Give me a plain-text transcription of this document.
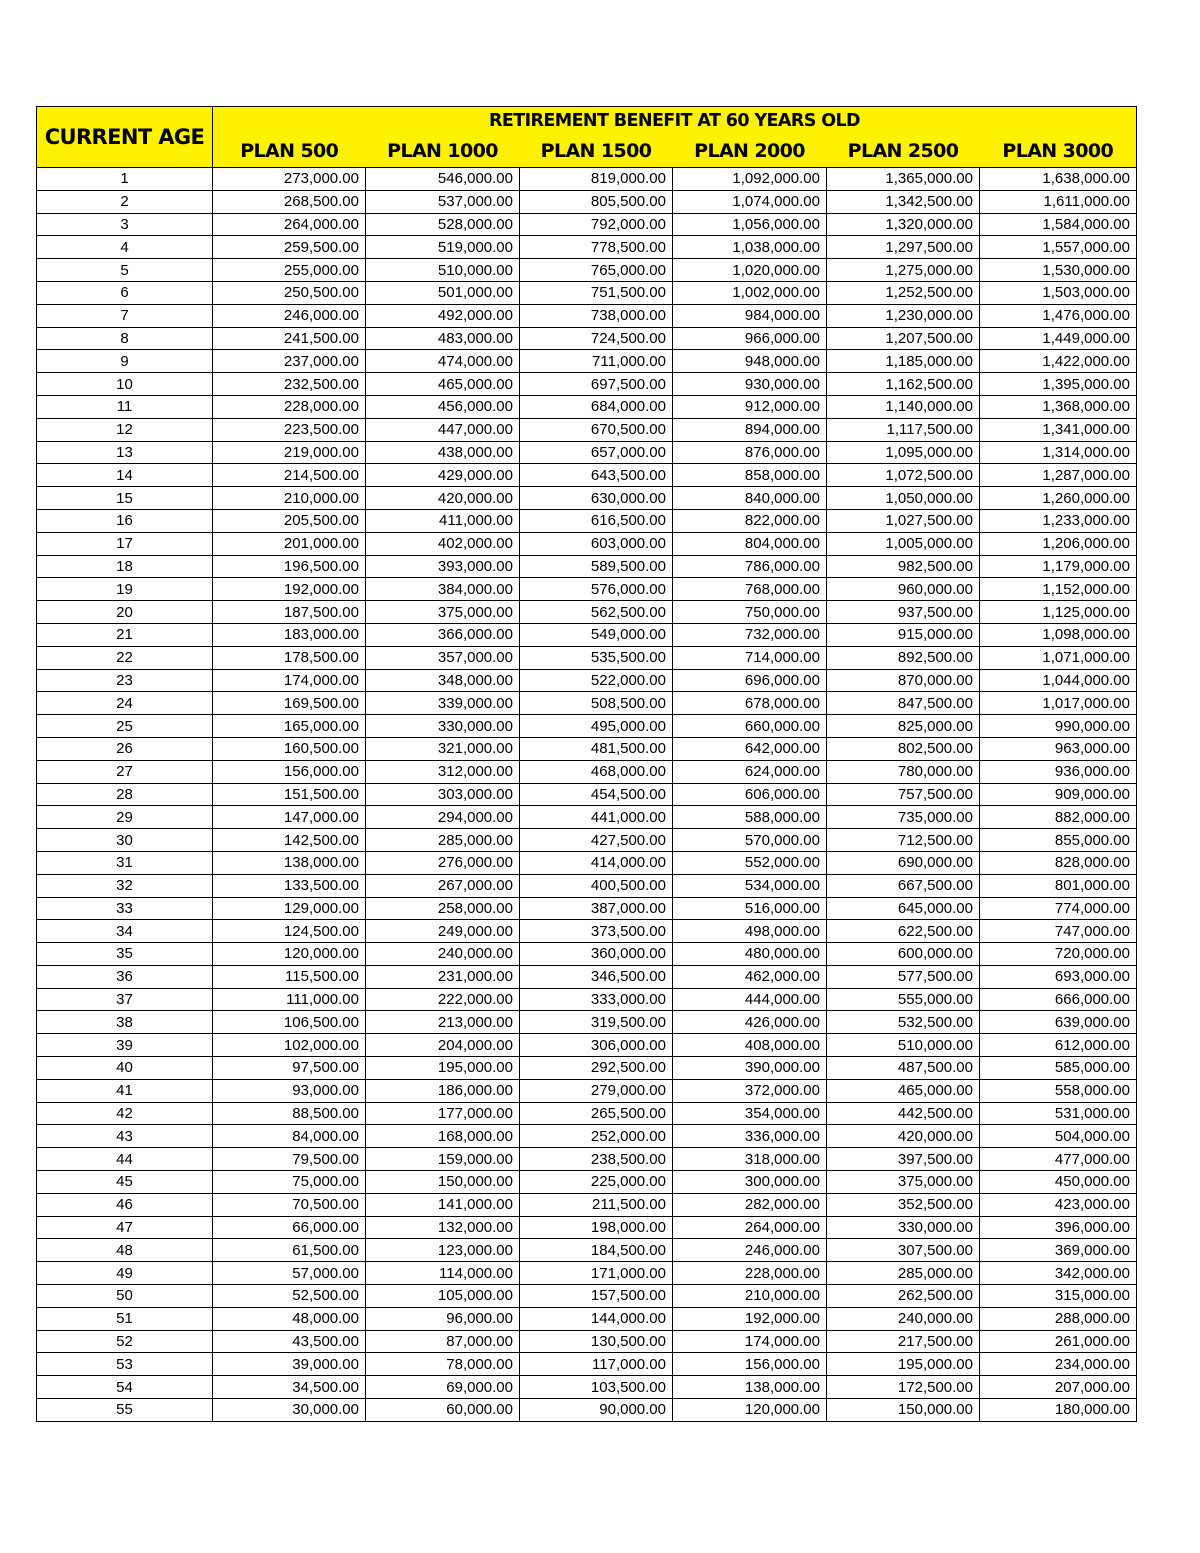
CURRENT AGE	RETIREMENT BENEFIT AT 60 YEARS OLD					
	PLAN 500	PLAN 1000	PLAN 1500	PLAN 2000	PLAN 2500	PLAN 3000
1	273,000.00	546,000.00	819,000.00	1,092,000.00	1,365,000.00	1,638,000.00
2	268,500.00	537,000.00	805,500.00	1,074,000.00	1,342,500.00	1,611,000.00
3	264,000.00	528,000.00	792,000.00	1,056,000.00	1,320,000.00	1,584,000.00
4	259,500.00	519,000.00	778,500.00	1,038,000.00	1,297,500.00	1,557,000.00
5	255,000.00	510,000.00	765,000.00	1,020,000.00	1,275,000.00	1,530,000.00
6	250,500.00	501,000.00	751,500.00	1,002,000.00	1,252,500.00	1,503,000.00
7	246,000.00	492,000.00	738,000.00	984,000.00	1,230,000.00	1,476,000.00
8	241,500.00	483,000.00	724,500.00	966,000.00	1,207,500.00	1,449,000.00
9	237,000.00	474,000.00	711,000.00	948,000.00	1,185,000.00	1,422,000.00
10	232,500.00	465,000.00	697,500.00	930,000.00	1,162,500.00	1,395,000.00
11	228,000.00	456,000.00	684,000.00	912,000.00	1,140,000.00	1,368,000.00
12	223,500.00	447,000.00	670,500.00	894,000.00	1,117,500.00	1,341,000.00
13	219,000.00	438,000.00	657,000.00	876,000.00	1,095,000.00	1,314,000.00
14	214,500.00	429,000.00	643,500.00	858,000.00	1,072,500.00	1,287,000.00
15	210,000.00	420,000.00	630,000.00	840,000.00	1,050,000.00	1,260,000.00
16	205,500.00	411,000.00	616,500.00	822,000.00	1,027,500.00	1,233,000.00
17	201,000.00	402,000.00	603,000.00	804,000.00	1,005,000.00	1,206,000.00
18	196,500.00	393,000.00	589,500.00	786,000.00	982,500.00	1,179,000.00
19	192,000.00	384,000.00	576,000.00	768,000.00	960,000.00	1,152,000.00
20	187,500.00	375,000.00	562,500.00	750,000.00	937,500.00	1,125,000.00
21	183,000.00	366,000.00	549,000.00	732,000.00	915,000.00	1,098,000.00
22	178,500.00	357,000.00	535,500.00	714,000.00	892,500.00	1,071,000.00
23	174,000.00	348,000.00	522,000.00	696,000.00	870,000.00	1,044,000.00
24	169,500.00	339,000.00	508,500.00	678,000.00	847,500.00	1,017,000.00
25	165,000.00	330,000.00	495,000.00	660,000.00	825,000.00	990,000.00
26	160,500.00	321,000.00	481,500.00	642,000.00	802,500.00	963,000.00
27	156,000.00	312,000.00	468,000.00	624,000.00	780,000.00	936,000.00
28	151,500.00	303,000.00	454,500.00	606,000.00	757,500.00	909,000.00
29	147,000.00	294,000.00	441,000.00	588,000.00	735,000.00	882,000.00
30	142,500.00	285,000.00	427,500.00	570,000.00	712,500.00	855,000.00
31	138,000.00	276,000.00	414,000.00	552,000.00	690,000.00	828,000.00
32	133,500.00	267,000.00	400,500.00	534,000.00	667,500.00	801,000.00
33	129,000.00	258,000.00	387,000.00	516,000.00	645,000.00	774,000.00
34	124,500.00	249,000.00	373,500.00	498,000.00	622,500.00	747,000.00
35	120,000.00	240,000.00	360,000.00	480,000.00	600,000.00	720,000.00
36	115,500.00	231,000.00	346,500.00	462,000.00	577,500.00	693,000.00
37	111,000.00	222,000.00	333,000.00	444,000.00	555,000.00	666,000.00
38	106,500.00	213,000.00	319,500.00	426,000.00	532,500.00	639,000.00
39	102,000.00	204,000.00	306,000.00	408,000.00	510,000.00	612,000.00
40	97,500.00	195,000.00	292,500.00	390,000.00	487,500.00	585,000.00
41	93,000.00	186,000.00	279,000.00	372,000.00	465,000.00	558,000.00
42	88,500.00	177,000.00	265,500.00	354,000.00	442,500.00	531,000.00
43	84,000.00	168,000.00	252,000.00	336,000.00	420,000.00	504,000.00
44	79,500.00	159,000.00	238,500.00	318,000.00	397,500.00	477,000.00
45	75,000.00	150,000.00	225,000.00	300,000.00	375,000.00	450,000.00
46	70,500.00	141,000.00	211,500.00	282,000.00	352,500.00	423,000.00
47	66,000.00	132,000.00	198,000.00	264,000.00	330,000.00	396,000.00
48	61,500.00	123,000.00	184,500.00	246,000.00	307,500.00	369,000.00
49	57,000.00	114,000.00	171,000.00	228,000.00	285,000.00	342,000.00
50	52,500.00	105,000.00	157,500.00	210,000.00	262,500.00	315,000.00
51	48,000.00	96,000.00	144,000.00	192,000.00	240,000.00	288,000.00
52	43,500.00	87,000.00	130,500.00	174,000.00	217,500.00	261,000.00
53	39,000.00	78,000.00	117,000.00	156,000.00	195,000.00	234,000.00
54	34,500.00	69,000.00	103,500.00	138,000.00	172,500.00	207,000.00
55	30,000.00	60,000.00	90,000.00	120,000.00	150,000.00	180,000.00
